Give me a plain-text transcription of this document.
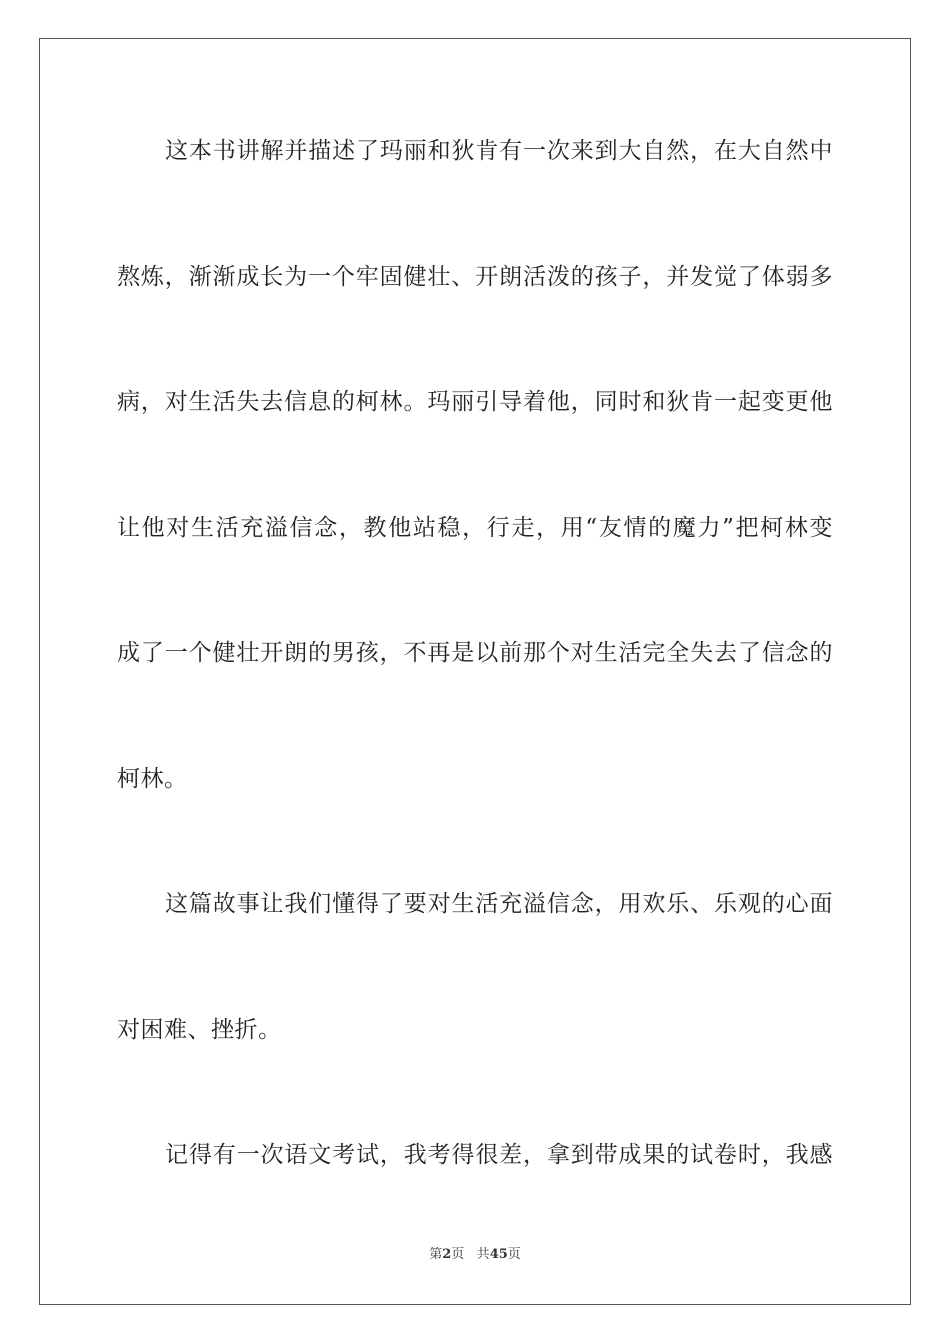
这本书讲解并描述了玛丽和狄肯有一次来到大自然，在大自然中
熬炼，渐渐成长为一个牢固健壮、开朗活泼的孩子，并发觉了体弱多
病，对生活失去信息的柯林。玛丽引导着他，同时和狄肯一起变更他
让他对生活充溢信念，教他站稳，行走，用“友情的魔力”把柯林变
成了一个健壮开朗的男孩，不再是以前那个对生活完全失去了信念的
柯林。
这篇故事让我们懂得了要对生活充溢信念，用欢乐、乐观的心面
对困难、挫折。
记得有一次语文考试，我考得很差，拿到带成果的试卷时，我感
第2页 共45页
